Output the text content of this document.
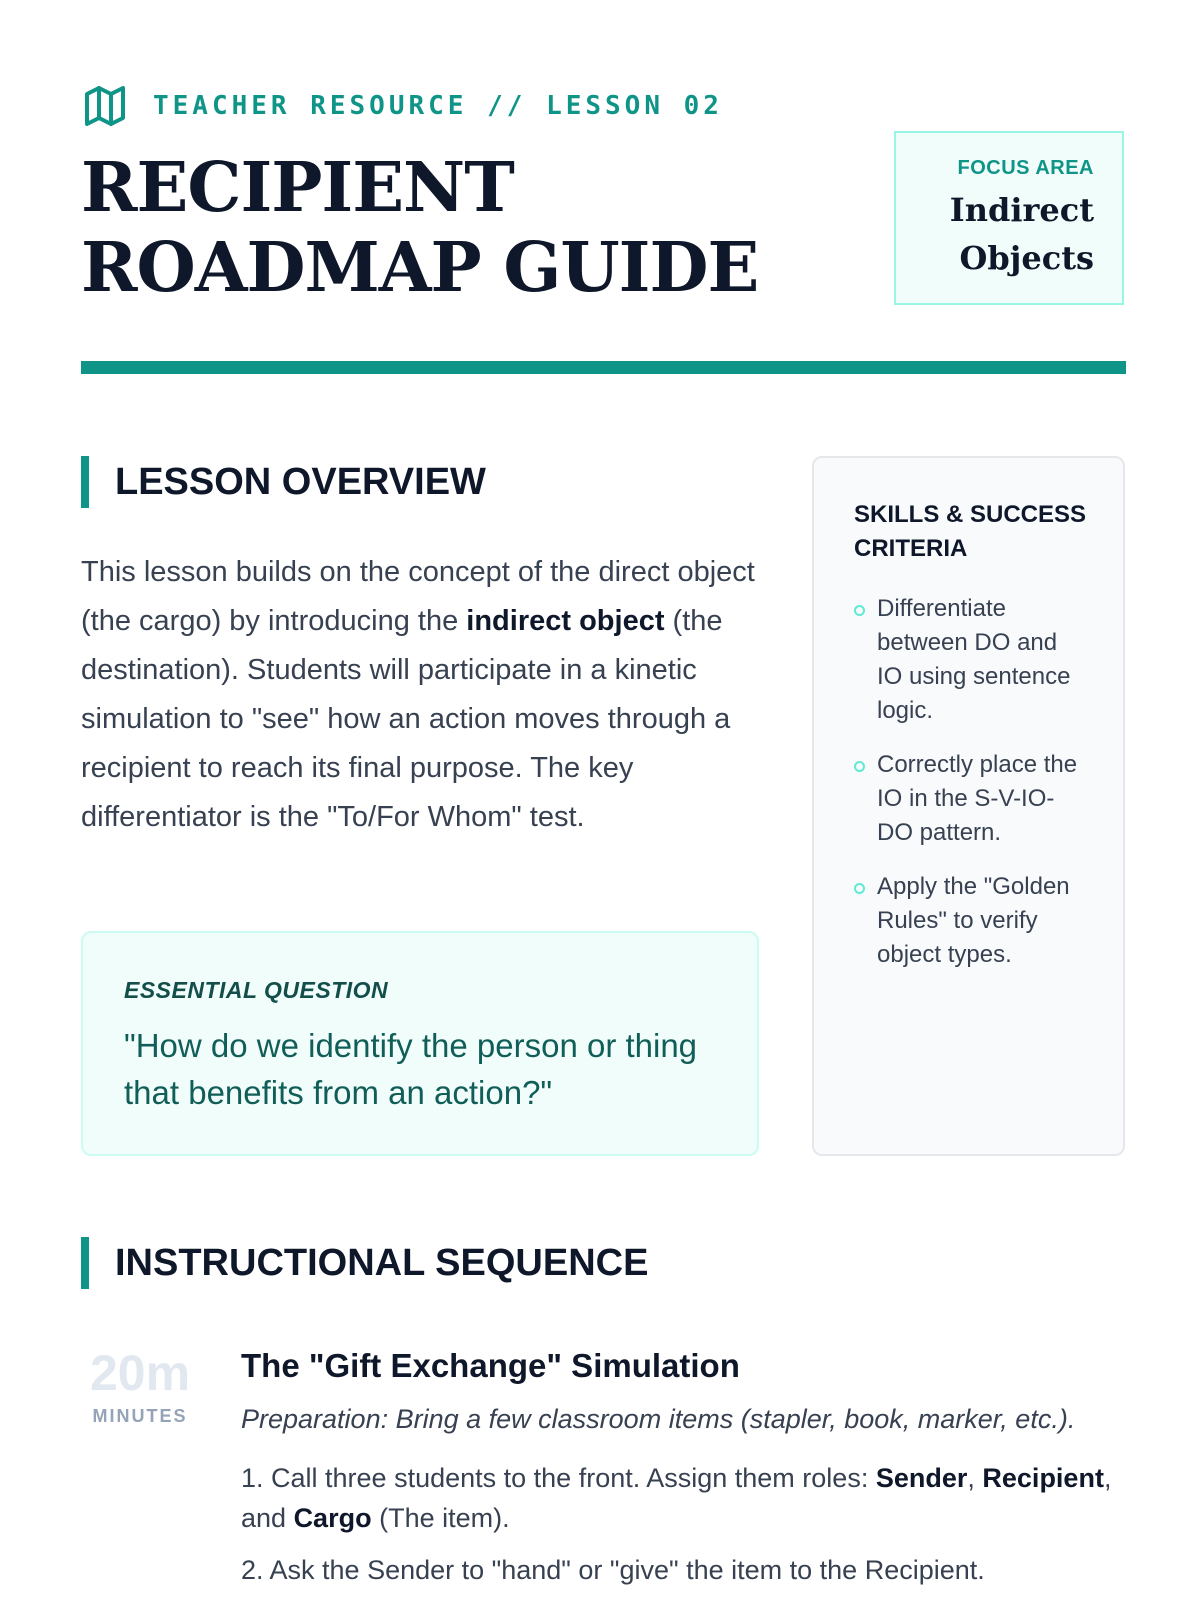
TEACHER RESOURCE // LESSON 02
RECIPIENT
ROADMAP GUIDE
FOCUS AREA
Indirect
Objects
LESSON OVERVIEW

This lesson builds on the concept of the direct object (the cargo) by introducing the indirect object (the destination). Students will participate in a kinetic simulation to "see" how an action moves through a recipient to reach its final purpose. The key differentiator is the "To/For Whom" test.

ESSENTIAL QUESTION
"How do we identify the person or thing that benefits from an action?"
SKILLS & SUCCESS CRITERIA
Differentiate between DO and IO using sentence logic.
Correctly place the IO in the S-V-IO-DO pattern.
Apply the "Golden Rules" to verify object types.
INSTRUCTIONAL SEQUENCE
20m
MINUTES
The "Gift Exchange" Simulation
Preparation: Bring a few classroom items (stapler, book, marker, etc.).
1. Call three students to the front. Assign them roles: Sender, Recipient, and Cargo (The item).
2. Ask the Sender to "hand" or "give" the item to the Recipient.
